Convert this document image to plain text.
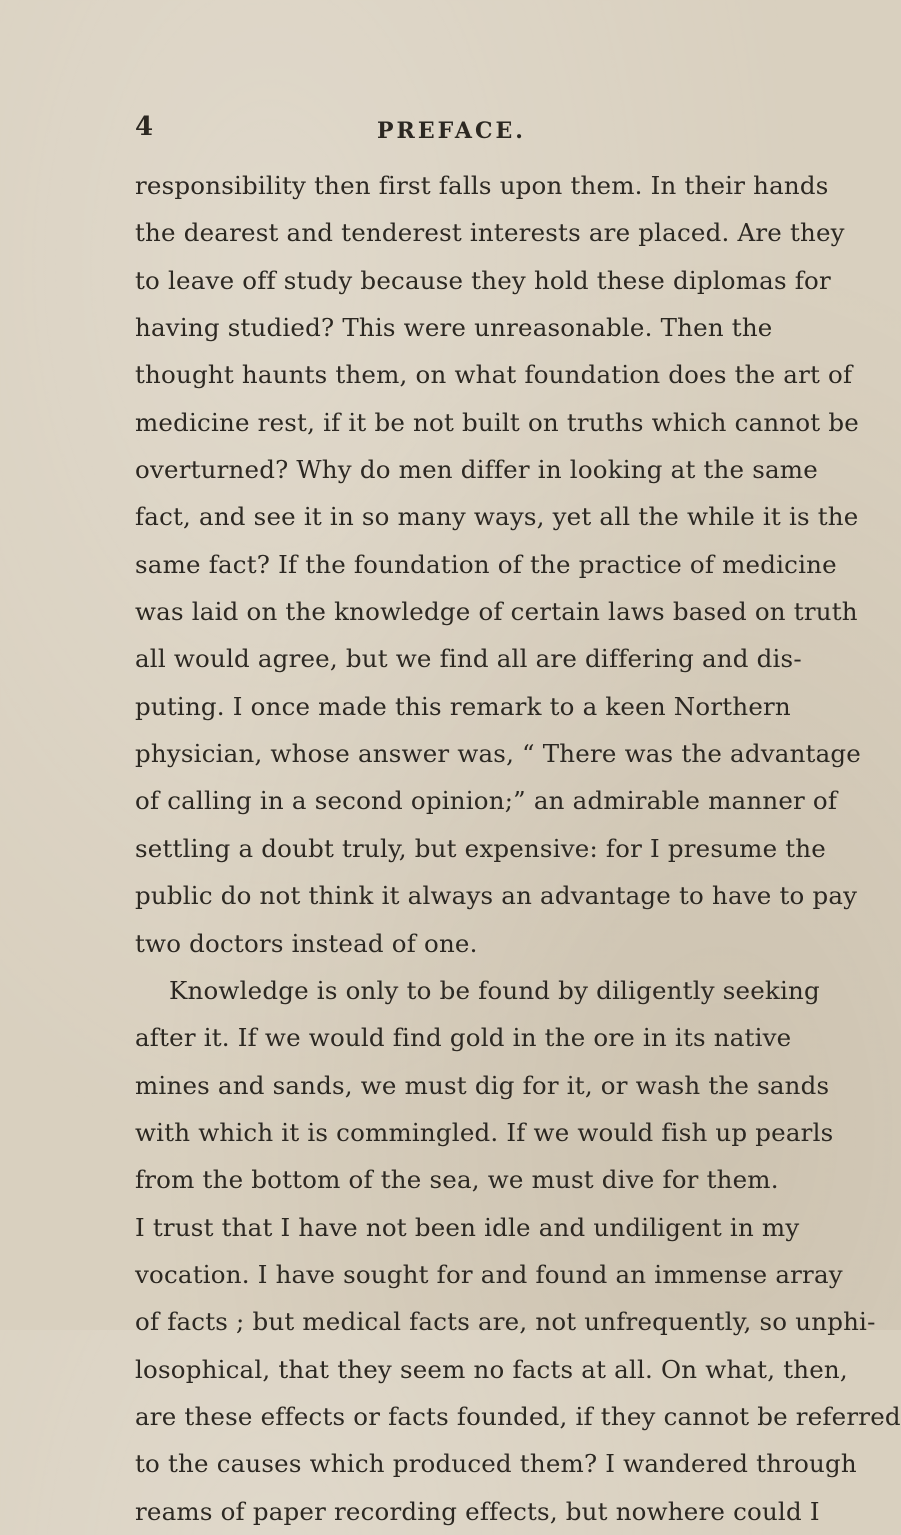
4	PREFACE.
responsibility then first falls upon them. In their hands
the dearest and tenderest interests are placed. Are they
to leave off study because they hold these diplomas for
having studied? This were unreasonable. Then the
thought haunts them, on what foundation does the art of
medicine rest, if it be not built on truths which cannot be
overturned? Why do men differ in looking at the same
fact, and see it in so many ways, yet all the while it is the
same fact? If the foundation of the practice of medicine
was laid on the knowledge of certain laws based on truth
all would agree, but we find all are differing and dis-
puting. I once made this remark to a keen Northern
physician, whose answer was, “ There was the advantage
of calling in a second opinion;” an admirable manner of
settling a doubt truly, but expensive: for I presume the
public do not think it always an advantage to have to pay
two doctors instead of one.
Knowledge is only to be found by diligently seeking
after it. If we would find gold in the ore in its native
mines and sands, we must dig for it, or wash the sands
with which it is commingled. If we would fish up pearls
from the bottom of the sea, we must dive for them.
I trust that I have not been idle and undiligent in my
vocation. I have sought for and found an immense array
of facts ; but medical facts are, not unfrequently, so unphi-
losophical, that they seem no facts at all. On what, then,
are these effects or facts founded, if they cannot be referred
to the causes which produced them? I wandered through
reams of paper recording effects, but nowhere could I
